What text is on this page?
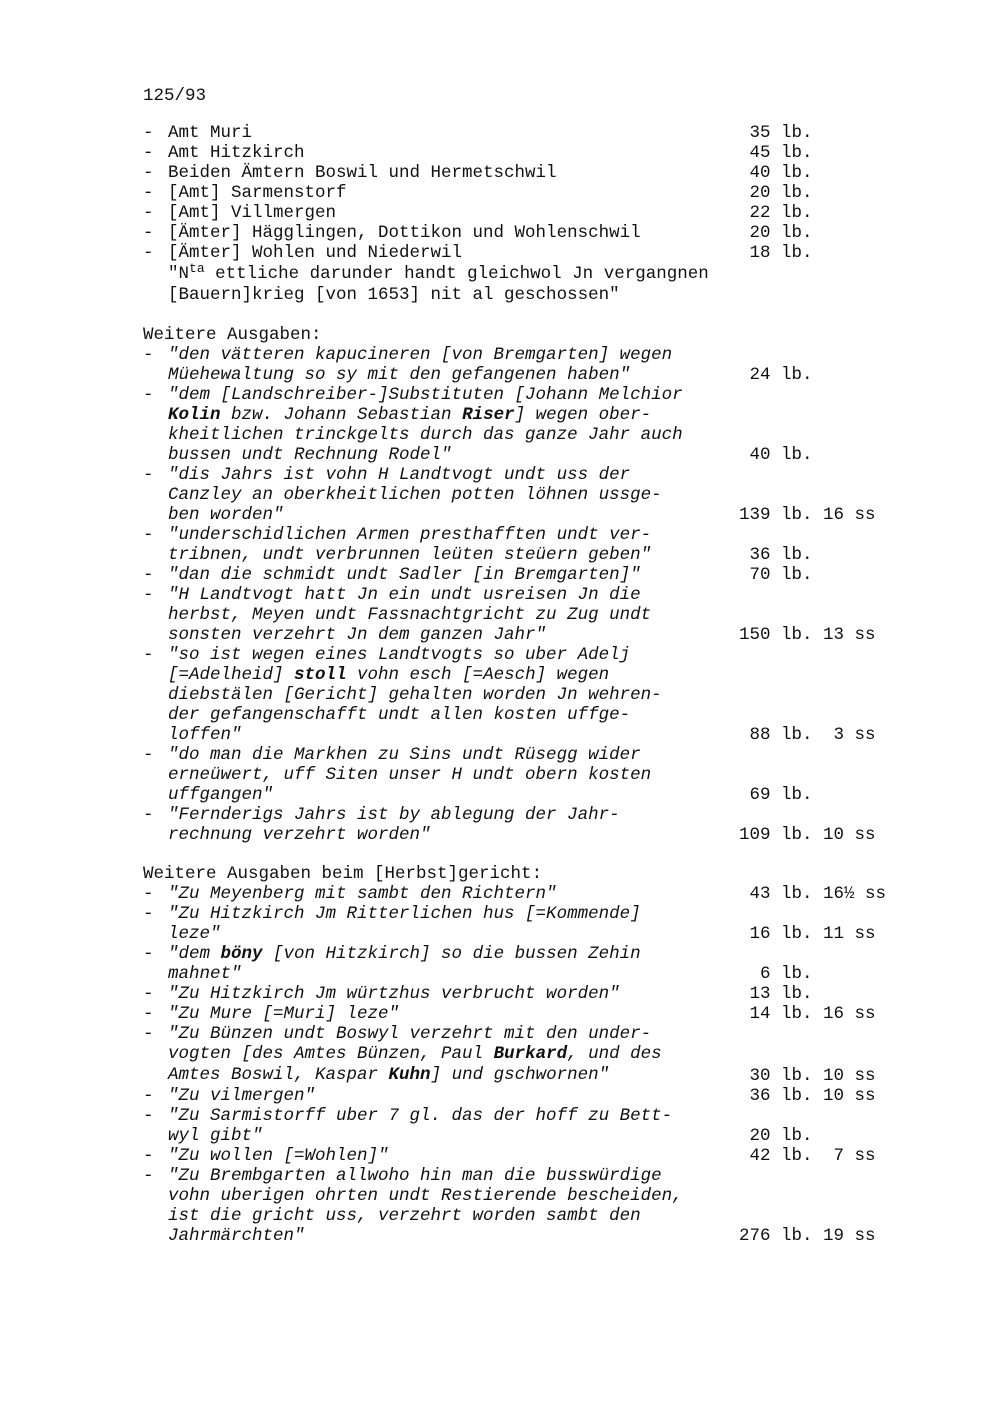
125/93
- Amt Muri	35 lb.
- Amt Hitzkirch	45 lb.
- Beiden Ämtern Boswil und Hermetschwil	40 lb.
- [Amt] Sarmenstorf	20 lb.
- [Amt] Villmergen	22 lb.
- [Ämter] Hägglingen, Dottikon und Wohlenschwil	20 lb.
- [Ämter] Wohlen und Niederwil	18 lb.
"$N^{ta}$ ettliche darunder handt gleichwol Jn vergangnen
[Bauern]krieg [von 1653] nit al geschossen"
Weitere Ausgaben:
- "den vätteren kapucineren [von Bremgarten] wegen
Müehewaltung so sy mit den gefangenen haben"	24 lb.
- "dem [Landschreiber-]Substituten [Johann Melchior
Kolin bzw. Johann Sebastian Riser] wegen ober-
kheitlichen trinckgelts durch das ganze Jahr auch
bussen undt Rechnung Rodel"	40 lb.
- "dis Jahrs ist vohn H Landtvogt undt uss der
Canzley an oberkheitlichen potten löhnen ussge-
ben worden"	139 lb. 16 ss
- "underschidlichen Armen presthafften undt ver-
tribnen, undt verbrunnen leüten steüern geben"	36 lb.
- "dan die schmidt undt Sadler [in Bremgarten]"	70 lb.
- "H Landtvogt hatt Jn ein undt usreisen Jn die
herbst, Meyen undt Fassnachtgricht zu Zug undt
sonsten verzehrt Jn dem ganzen Jahr"	150 lb. 13 ss
- "so ist wegen eines Landtvogts so uber Adelj
[=Adelheid] stoll vohn esch [=Aesch] wegen
diebstälen [Gericht] gehalten worden Jn wehren-
der gefangenschafft undt allen kosten uffge-
loffen"	88 lb.  3 ss
- "do man die Markhen zu Sins undt Rüsegg wider
erneüwert, uff Siten unser H undt obern kosten
uffgangen"	69 lb.
- "Fernderigs Jahrs ist by ablegung der Jahr-
rechnung verzehrt worden"	109 lb. 10 ss
Weitere Ausgaben beim [Herbst]gericht:
- "Zu Meyenberg mit sambt den Richtern"	43 lb. 16½ ss
- "Zu Hitzkirch Jm Ritterlichen hus [=Kommende]
leze"	16 lb. 11 ss
- "dem böny [von Hitzkirch] so die bussen Zehin
mahnet"	6 lb.
- "Zu Hitzkirch Jm würtzhus verbrucht worden"	13 lb.
- "Zu Mure [=Muri] leze"	14 lb. 16 ss
- "Zu Bünzen undt Boswyl verzehrt mit den under-
vogten [des Amtes Bünzen, Paul Burkard, und des
Amtes Boswil, Kaspar Kuhn] und gschwornen"	30 lb. 10 ss
- "Zu vilmergen"	36 lb. 10 ss
- "Zu Sarmistorff uber 7 gl. das der hoff zu Bett-
wyl gibt"	20 lb.
- "Zu wollen [=Wohlen]"	42 lb.  7 ss
- "Zu Brembgarten allwoho hin man die busswürdige
vohn uberigen ohrten undt Restierende bescheiden,
ist die gricht uss, verzehrt worden sambt den
Jahrmärchten"	276 lb. 19 ss
